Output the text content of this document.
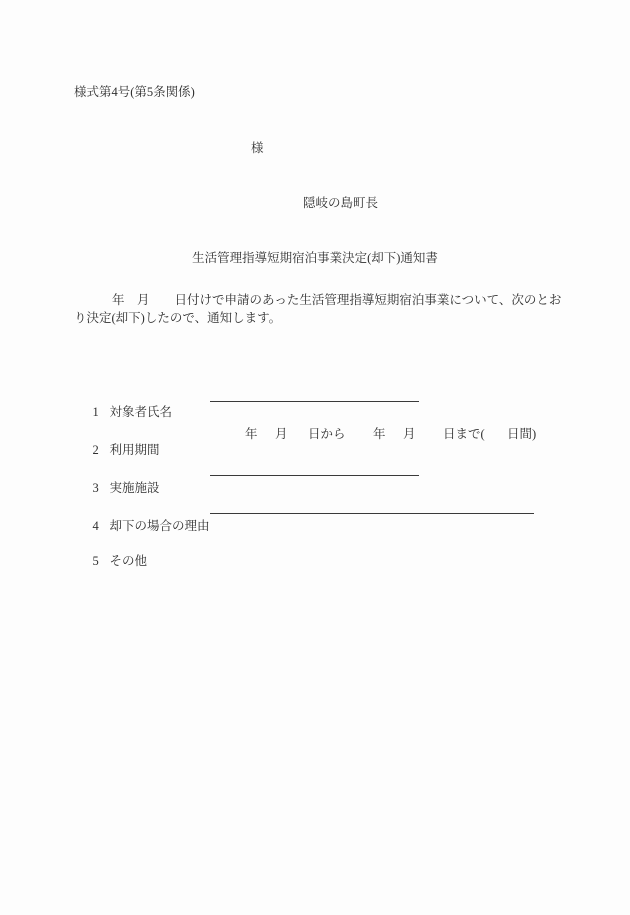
様式第4号(第5条関係)
様
隠岐の島町長
生活管理指導短期宿泊事業決定(却下)通知書
年　月　　日付けで申請のあった生活管理指導短期宿泊事業について、次のとお
り決定(却下)したので、通知します。

1 対象者氏名

2 利用期間

年 月 日から 年 月 日まで( 日間)

3 実施施設

4 却下の場合の理由

5 その他
